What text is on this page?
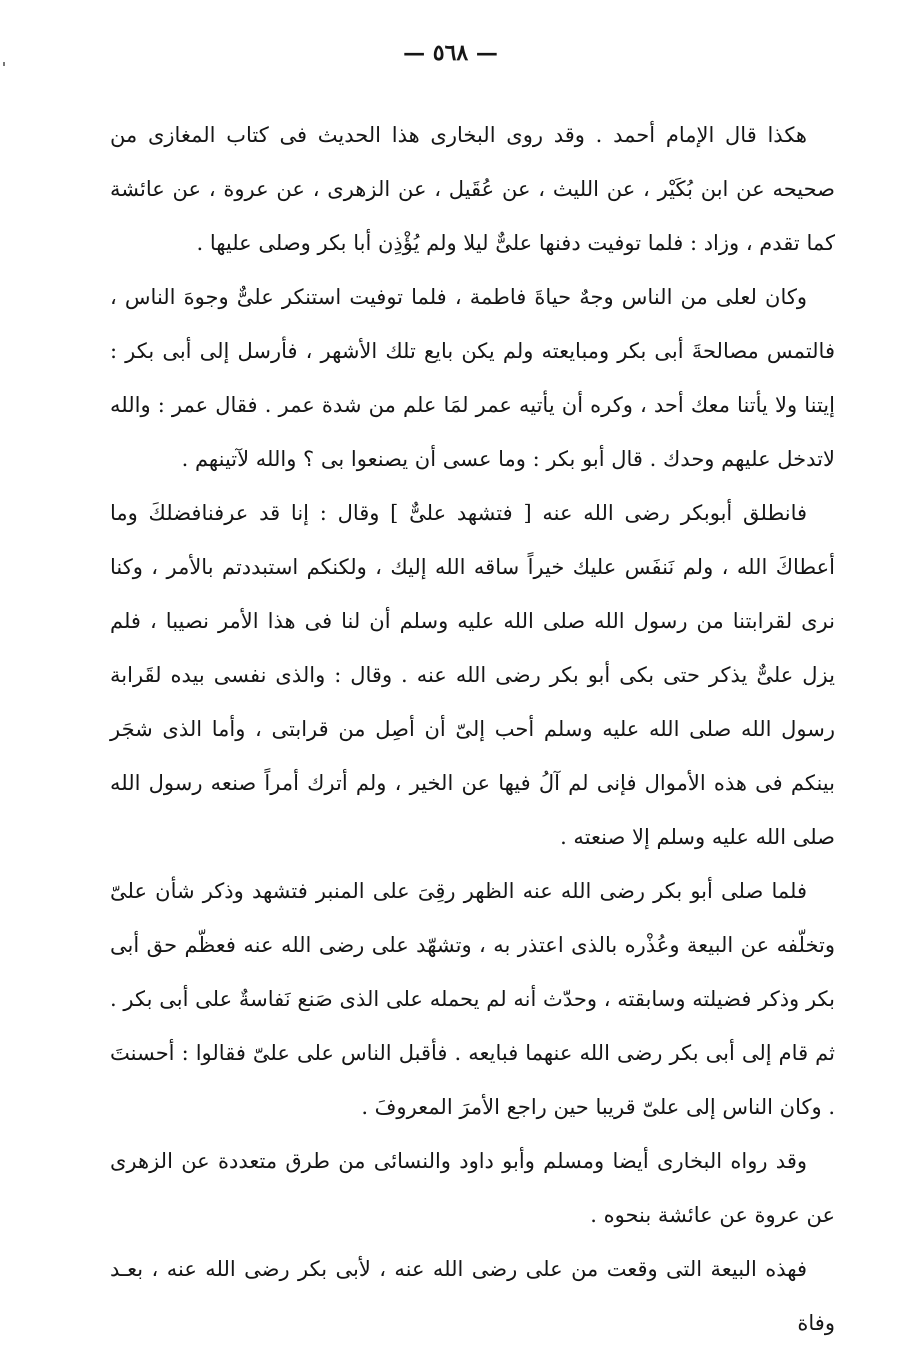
— ٥٦٨ —

هكذا قال الإمام أحمد . وقد روى البخارى هذا الحديث فى كتاب المغازى من صحيحه عن ابن بُكَيْر ، عن الليث ، عن عُقَيل ، عن الزهرى ، عن عروة ، عن عائشة كما تقدم ، وزاد : فلما توفيت دفنها علىٌّ ليلا ولم يُؤْذِن أبا بكر وصلى عليها .

وكان لعلى من الناس وجهٌ حياةَ فاطمة ، فلما توفيت استنكر علىٌّ وجوهَ الناس ، فالتمس مصالحةَ أبى بكر ومبايعته ولم يكن بايع تلك الأشهر ، فأرسل إلى أبى بكر : إيتنا ولا يأتنا معك أحد ، وكره أن يأتيه عمر لمَا علم من شدة عمر . فقال عمر : والله لاتدخل عليهم وحدك . قال أبو بكر : وما عسى أن يصنعوا بى ؟ والله لآتينهم .

فانطلق أبوبكر رضى الله عنه [ فتشهد علىٌّ ] وقال : إنا قد عرفنافضلكَ وما أعطاكَ الله ، ولم نَنفَس عليك خيراً ساقه الله إليك ، ولكنكم استبددتم بالأمر ، وكنا نرى لقرابتنا من رسول الله صلى الله عليه وسلم أن لنا فى هذا الأمر نصيبا ، فلم يزل علىٌّ يذكر حتى بكى أبو بكر رضى الله عنه . وقال : والذى نفسى بيده لقَرابة رسول الله صلى الله عليه وسلم أحب إلىّ أن أصِل من قرابتى ، وأما الذى شجَر بينكم فى هذه الأموال فإنى لم آلُ فيها عن الخير ، ولم أترك أمراً صنعه رسول الله صلى الله عليه وسلم إلا صنعته .

فلما صلى أبو بكر رضى الله عنه الظهر رقِىَ على المنبر فتشهد وذكر شأن علىّ وتخلّفه عن البيعة وعُذْره بالذى اعتذر به ، وتشهّد على رضى الله عنه فعظّم حق أبى بكر وذكر فضيلته وسابقته ، وحدّث أنه لم يحمله على الذى صَنع نَفاسةٌ على أبى بكر . ثم قام إلى أبى بكر رضى الله عنهما فبايعه . فأقبل الناس على علىّ فقالوا : أحسنتَ . وكان الناس إلى علىّ قريبا حين راجع الأمرَ المعروفَ .

وقد رواه البخارى أيضا ومسلم وأبو داود والنسائى من طرق متعددة عن الزهرى عن عروة عن عائشة بنحوه .

فهذه البيعة التى وقعت من على رضى الله عنه ، لأبى بكر رضى الله عنه ، بعـد وفاة
